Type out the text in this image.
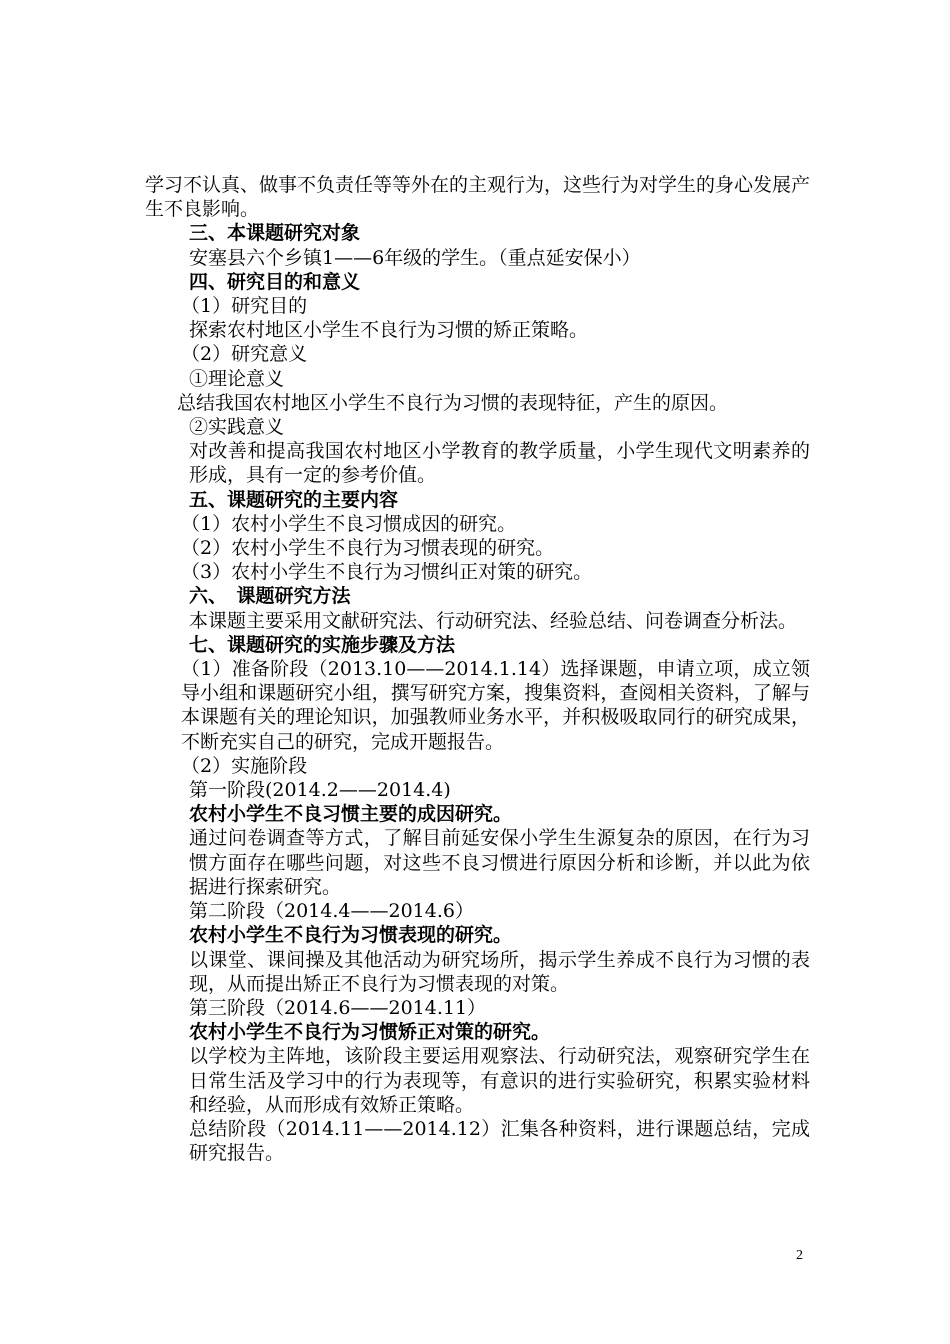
学习不认真、做事不负责任等等外在的主观行为，这些行为对学生的身心发展产生不良影响。

三、本课题研究对象

安塞县六个乡镇1——6年级的学生。（重点延安保小）

四、研究目的和意义

（1）研究目的

探索农村地区小学生不良行为习惯的矫正策略。

（2）研究意义

①理论意义

总结我国农村地区小学生不良行为习惯的表现特征，产生的原因。

②实践意义

对改善和提高我国农村地区小学教育的教学质量，小学生现代文明素养的形成，具有一定的参考价值。

五、课题研究的主要内容

（1）农村小学生不良习惯成因的研究。

（2）农村小学生不良行为习惯表现的研究。

（3）农村小学生不良行为习惯纠正对策的研究。

六、　课题研究方法

本课题主要采用文献研究法、行动研究法、经验总结、问卷调查分析法。

七、课题研究的实施步骤及方法

（1）准备阶段（2013.10——2014.1.14）选择课题，申请立项，成立领导小组和课题研究小组，撰写研究方案，搜集资料，查阅相关资料，了解与本课题有关的理论知识，加强教师业务水平，并积极吸取同行的研究成果，不断充实自己的研究，完成开题报告。

（2）实施阶段

第一阶段(2014.2——2014.4)

农村小学生不良习惯主要的成因研究。

通过问卷调查等方式，了解目前延安保小学生生源复杂的原因，在行为习惯方面存在哪些问题，对这些不良习惯进行原因分析和诊断，并以此为依据进行探索研究。

第二阶段（2014.4——2014.6）

农村小学生不良行为习惯表现的研究。

以课堂、课间操及其他活动为研究场所，揭示学生养成不良行为习惯的表现，从而提出矫正不良行为习惯表现的对策。

第三阶段（2014.6——2014.11）

农村小学生不良行为习惯矫正对策的研究。

以学校为主阵地，该阶段主要运用观察法、行动研究法，观察研究学生在日常生活及学习中的行为表现等，有意识的进行实验研究，积累实验材料和经验，从而形成有效矫正策略。

总结阶段（2014.11——2014.12）汇集各种资料，进行课题总结，完成研究报告。

2
